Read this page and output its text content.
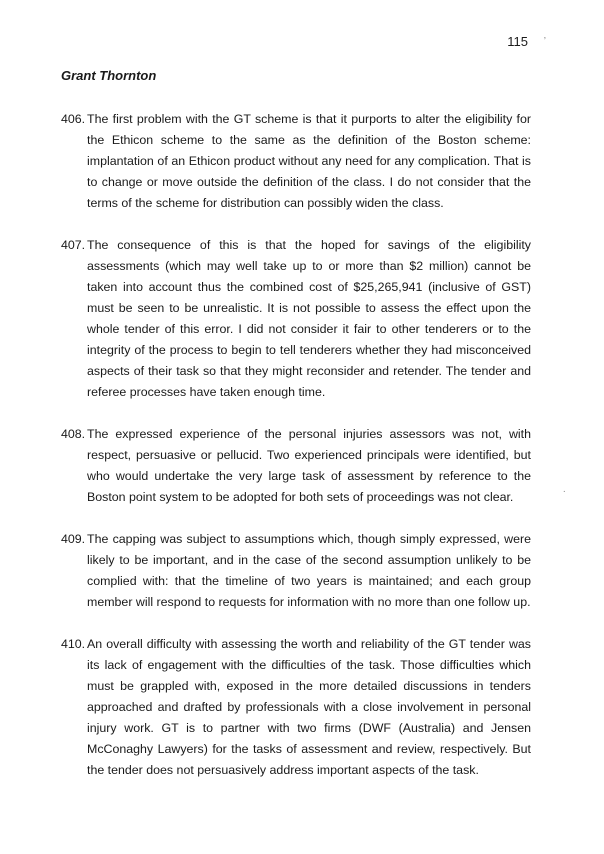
115 ’
Grant Thornton
406. The first problem with the GT scheme is that it purports to alter the eligibility for the Ethicon scheme to the same as the definition of the Boston scheme: implantation of an Ethicon product without any need for any complication. That is to change or move outside the definition of the class. I do not consider that the terms of the scheme for distribution can possibly widen the class.
407. The consequence of this is that the hoped for savings of the eligibility assessments (which may well take up to or more than $2 million) cannot be taken into account thus the combined cost of $25,265,941 (inclusive of GST) must be seen to be unrealistic. It is not possible to assess the effect upon the whole tender of this error. I did not consider it fair to other tenderers or to the integrity of the process to begin to tell tenderers whether they had misconceived aspects of their task so that they might reconsider and retender. The tender and referee processes have taken enough time.
408. The expressed experience of the personal injuries assessors was not, with respect, persuasive or pellucid. Two experienced principals were identified, but who would undertake the very large task of assessment by reference to the Boston point system to be adopted for both sets of proceedings was not clear.
409. The capping was subject to assumptions which, though simply expressed, were likely to be important, and in the case of the second assumption unlikely to be complied with: that the timeline of two years is maintained; and each group member will respond to requests for information with no more than one follow up.
410. An overall difficulty with assessing the worth and reliability of the GT tender was its lack of engagement with the difficulties of the task. Those difficulties which must be grappled with, exposed in the more detailed discussions in tenders approached and drafted by professionals with a close involvement in personal injury work. GT is to partner with two firms (DWF (Australia) and Jensen McConaghy Lawyers) for the tasks of assessment and review, respectively. But the tender does not persuasively address important aspects of the task.
·
